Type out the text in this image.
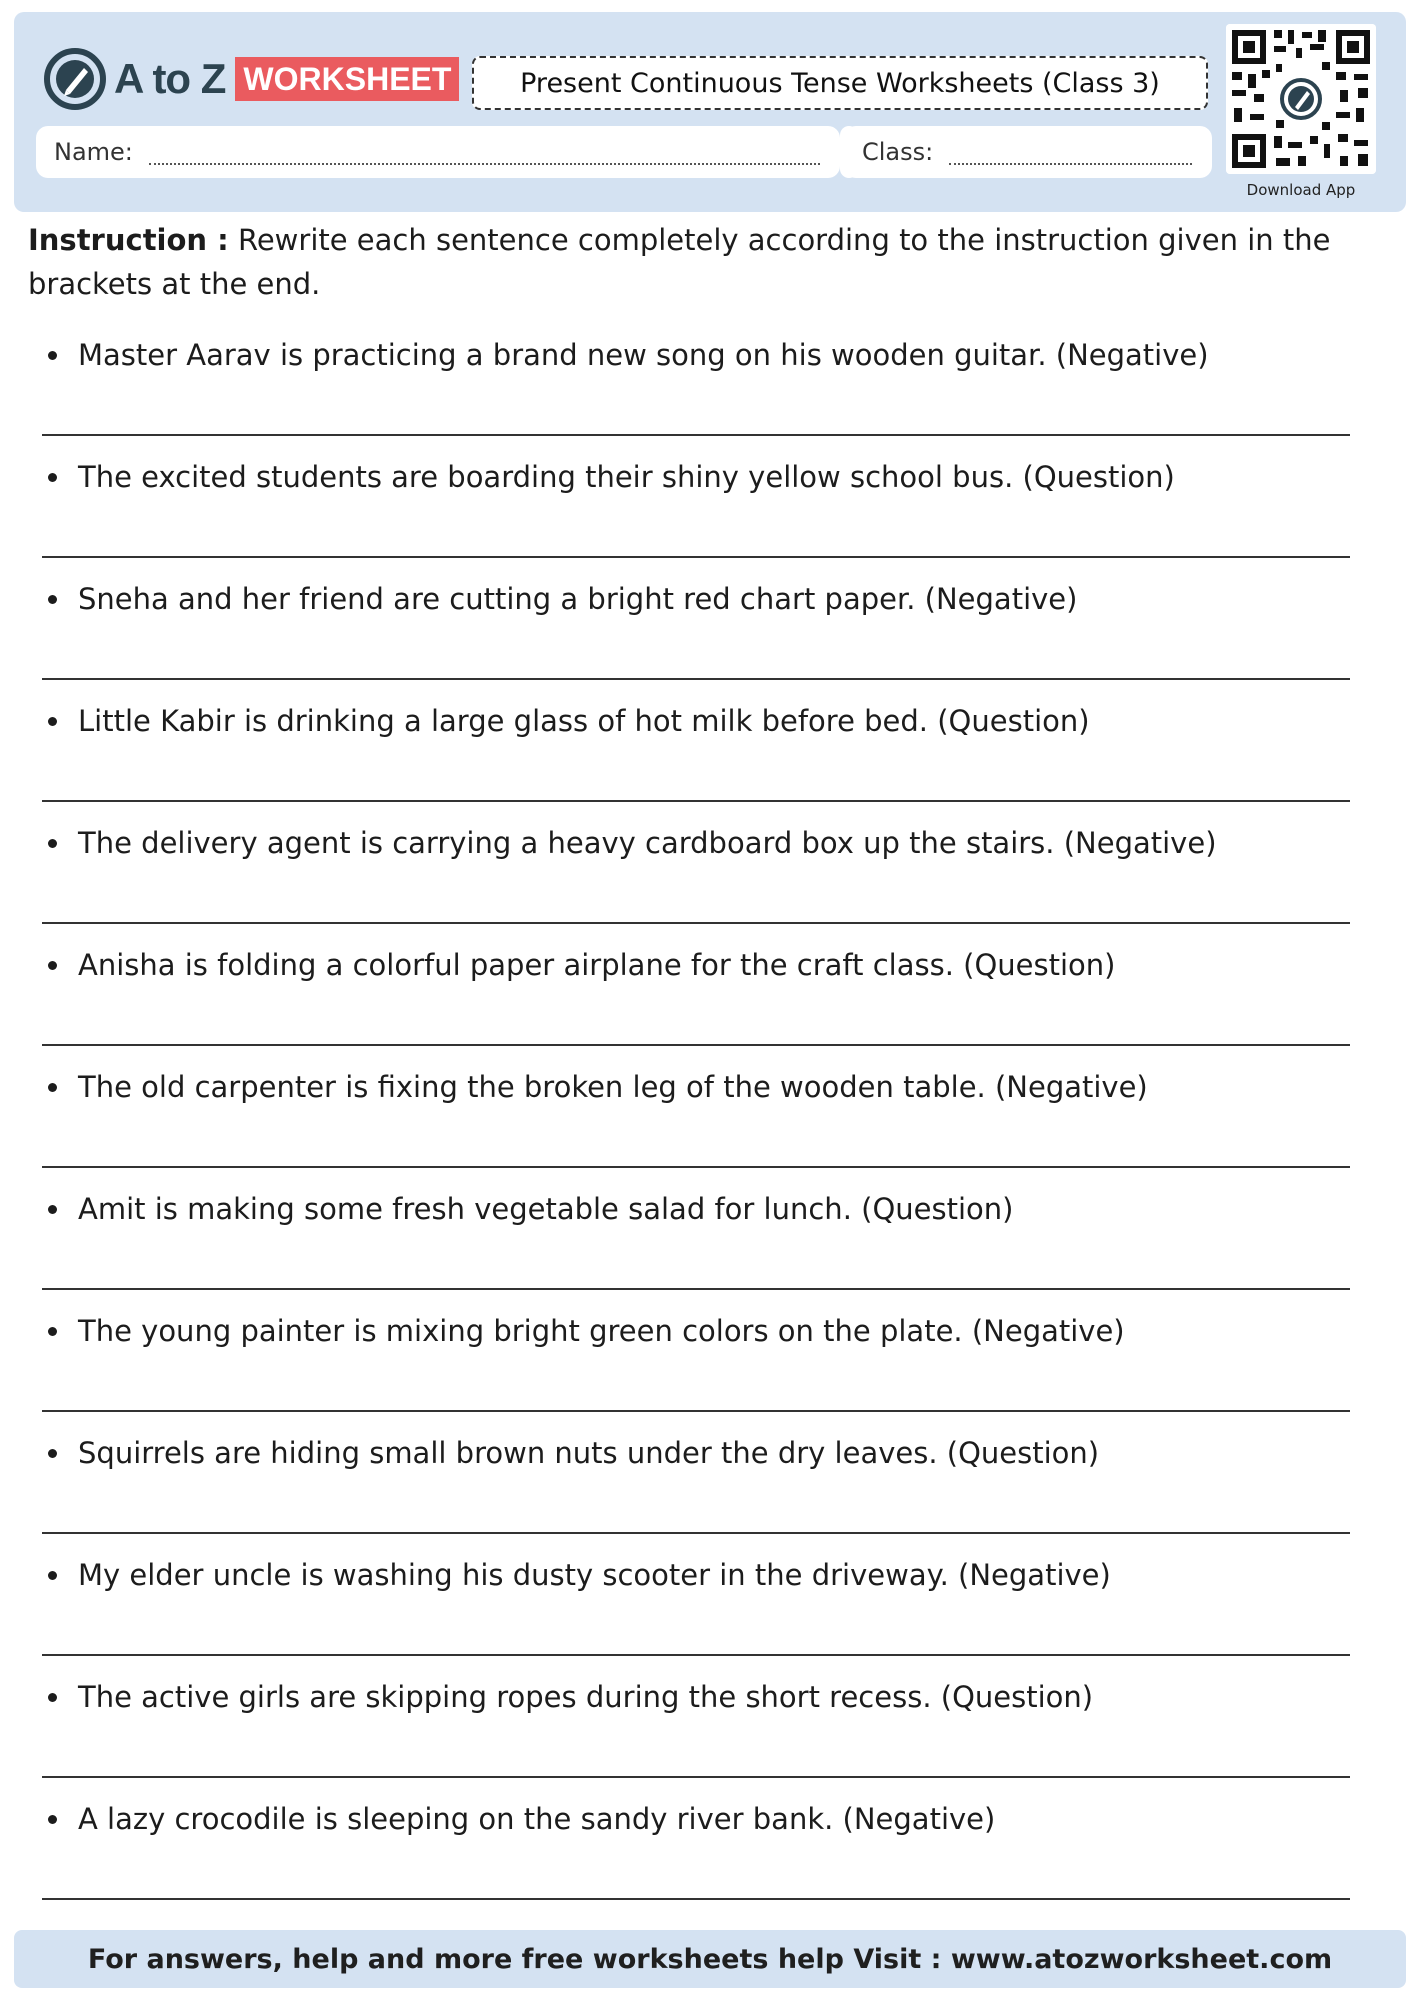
A to Z WORKSHEET	Present Continuous Tense Worksheets (Class 3)
Download App
Name:	Class:
Instruction : Rewrite each sentence completely according to the instruction given in the brackets at the end.
Master Aarav is practicing a brand new song on his wooden guitar. (Negative)
The excited students are boarding their shiny yellow school bus. (Question)
Sneha and her friend are cutting a bright red chart paper. (Negative)
Little Kabir is drinking a large glass of hot milk before bed. (Question)
The delivery agent is carrying a heavy cardboard box up the stairs. (Negative)
Anisha is folding a colorful paper airplane for the craft class. (Question)
The old carpenter is fixing the broken leg of the wooden table. (Negative)
Amit is making some fresh vegetable salad for lunch. (Question)
The young painter is mixing bright green colors on the plate. (Negative)
Squirrels are hiding small brown nuts under the dry leaves. (Question)
My elder uncle is washing his dusty scooter in the driveway. (Negative)
The active girls are skipping ropes during the short recess. (Question)
A lazy crocodile is sleeping on the sandy river bank. (Negative)
For answers, help and more free worksheets help Visit : www.atozworksheet.com
